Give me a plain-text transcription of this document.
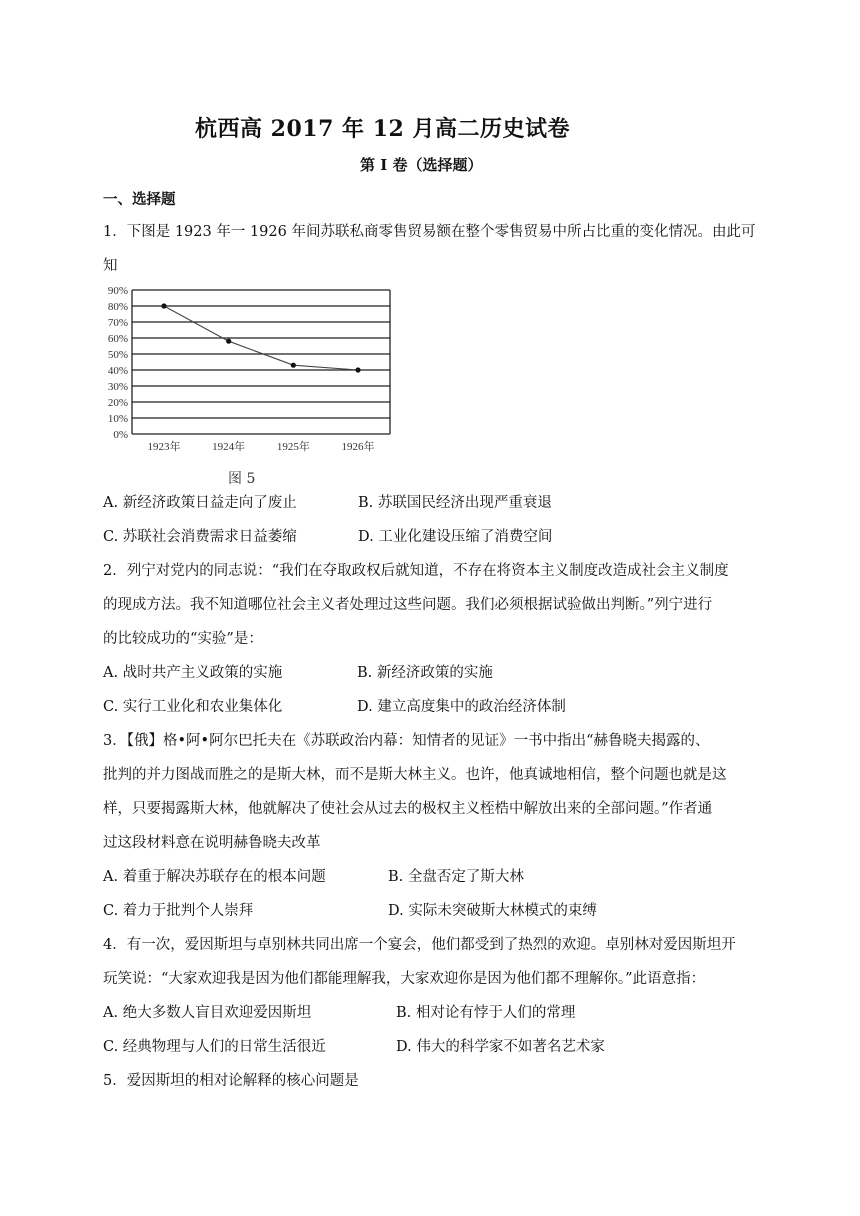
杭西高 2017 年 12 月高二历史试卷
第 I 卷（选择题）
一、选择题
1．下图是 1923 年一 1926 年间苏联私商零售贸易额在整个零售贸易中所占比重的变化情况。由此可
知
0%
10%
20%
30%
40%
50%
60%
70%
80%
90%
1923年	1924年	1925年	1926年
图 5
A. 新经济政策日益走向了废止	B. 苏联国民经济出现严重衰退
C. 苏联社会消费需求日益萎缩	D. 工业化建设压缩了消费空间
2．列宁对党内的同志说：“我们在夺取政权后就知道，不存在将资本主义制度改造成社会主义制度
的现成方法。我不知道哪位社会主义者处理过这些问题。我们必须根据试验做出判断。”列宁进行
的比较成功的“实验”是：
A. 战时共产主义政策的实施	B. 新经济政策的实施
C. 实行工业化和农业集体化	D. 建立高度集中的政治经济体制
3．【俄】格•阿•阿尔巴托夫在《苏联政治内幕：知情者的见证》一书中指出“赫鲁晓夫揭露的、
批判的并力图战而胜之的是斯大林，而不是斯大林主义。也许，他真诚地相信，整个问题也就是这
样，只要揭露斯大林，他就解决了使社会从过去的极权主义桎梏中解放出来的全部问题。”作者通
过这段材料意在说明赫鲁晓夫改革
A. 着重于解决苏联存在的根本问题	B. 全盘否定了斯大林
C. 着力于批判个人崇拜	D. 实际未突破斯大林模式的束缚
4．有一次，爱因斯坦与卓别林共同出席一个宴会，他们都受到了热烈的欢迎。卓别林对爱因斯坦开
玩笑说：“大家欢迎我是因为他们都能理解我，大家欢迎你是因为他们都不理解你。”此语意指：
A. 绝大多数人盲目欢迎爱因斯坦	B. 相对论有悖于人们的常理
C. 经典物理与人们的日常生活很近	D. 伟大的科学家不如著名艺术家
5．爱因斯坦的相对论解释的核心问题是
